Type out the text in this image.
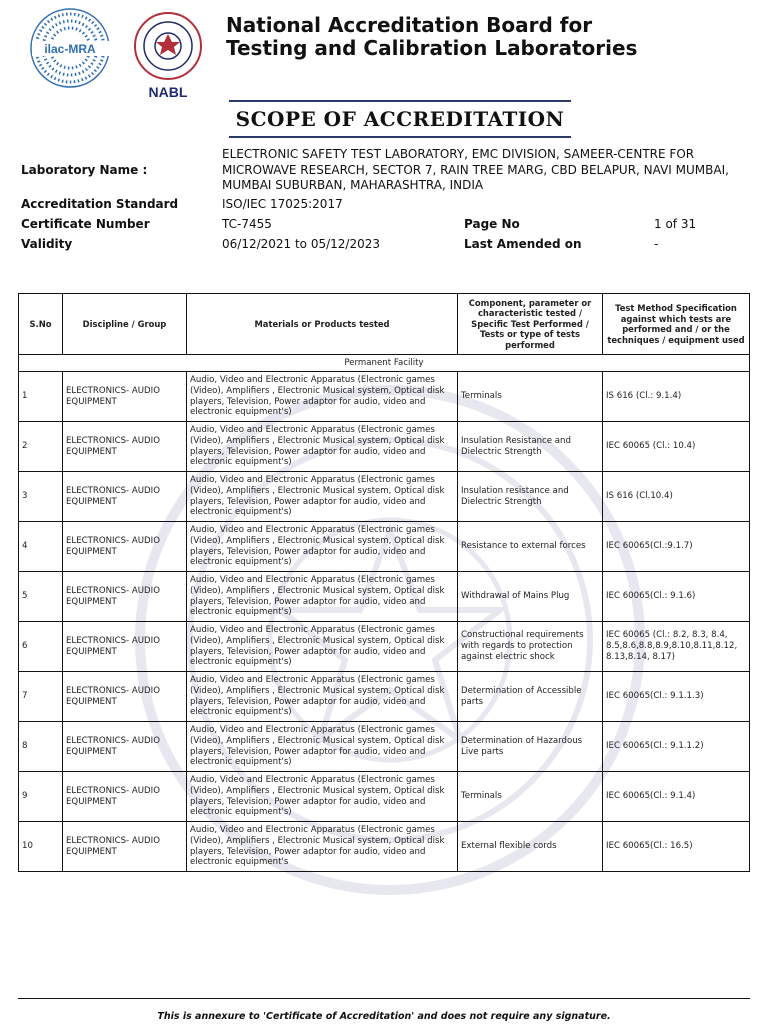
ilac-MRA
NABL
National Accreditation Board for
Testing and Calibration Laboratories
SCOPE OF ACCREDITATION
Laboratory Name :
ELECTRONIC SAFETY TEST LABORATORY, EMC DIVISION, SAMEER-CENTRE FOR
MICROWAVE RESEARCH, SECTOR 7, RAIN TREE MARG, CBD BELAPUR, NAVI MUMBAI,
MUMBAI SUBURBAN, MAHARASHTRA, INDIA
Accreditation Standard	ISO/IEC 17025:2017
Certificate Number	TC-7455	Page No	1 of 31
Validity	06/12/2021 to 05/12/2023	Last Amended on	-
S.No	Discipline / Group	Materials or Products tested	Component, parameter or characteristic tested / Specific Test Performed / Tests or type of tests performed	Test Method Specification against which tests are performed and / or the techniques / equipment used
Permanent Facility				
1	ELECTRONICS- AUDIO EQUIPMENT	Audio, Video and Electronic Apparatus (Electronic games (Video), Amplifiers , Electronic Musical system, Optical disk players, Television, Power adaptor for audio, video and electronic equipment's)	Terminals	IS 616 (Cl.: 9.1.4)
2	ELECTRONICS- AUDIO EQUIPMENT	Audio, Video and Electronic Apparatus (Electronic games (Video), Amplifiers , Electronic Musical system, Optical disk players, Television, Power adaptor for audio, video and electronic equipment's)	Insulation Resistance and Dielectric Strength	IEC 60065 (Cl.: 10.4)
3	ELECTRONICS- AUDIO EQUIPMENT	Audio, Video and Electronic Apparatus (Electronic games (Video), Amplifiers , Electronic Musical system, Optical disk players, Television, Power adaptor for audio, video and electronic equipment's)	Insulation resistance and Dielectric Strength	IS 616 (Cl.10.4)
4	ELECTRONICS- AUDIO EQUIPMENT	Audio, Video and Electronic Apparatus (Electronic games (Video), Amplifiers , Electronic Musical system, Optical disk players, Television, Power adaptor for audio, video and electronic equipment's)	Resistance to external forces	IEC 60065(Cl.:9.1.7)
5	ELECTRONICS- AUDIO EQUIPMENT	Audio, Video and Electronic Apparatus (Electronic games (Video), Amplifiers , Electronic Musical system, Optical disk players, Television, Power adaptor for audio, video and electronic equipment's)	Withdrawal of Mains Plug	IEC 60065(Cl.: 9.1.6)
6	ELECTRONICS- AUDIO EQUIPMENT	Audio, Video and Electronic Apparatus (Electronic games (Video), Amplifiers , Electronic Musical system, Optical disk players, Television, Power adaptor for audio, video and electronic equipment's)	Constructional requirements with regards to protection against electric shock	IEC 60065 (Cl.: 8.2, 8.3, 8.4, 8.5,8.6,8.8,8.9,8.10,8.11,8.12, 8.13,8.14, 8.17)
7	ELECTRONICS- AUDIO EQUIPMENT	Audio, Video and Electronic Apparatus (Electronic games (Video), Amplifiers , Electronic Musical system, Optical disk players, Television, Power adaptor for audio, video and electronic equipment's)	Determination of Accessible parts	IEC 60065(Cl.: 9.1.1.3)
8	ELECTRONICS- AUDIO EQUIPMENT	Audio, Video and Electronic Apparatus (Electronic games (Video), Amplifiers , Electronic Musical system, Optical disk players, Television, Power adaptor for audio, video and electronic equipment's)	Determination of Hazardous Live parts	IEC 60065(Cl.: 9.1.1.2)
9	ELECTRONICS- AUDIO EQUIPMENT	Audio, Video and Electronic Apparatus (Electronic games (Video), Amplifiers , Electronic Musical system, Optical disk players, Television, Power adaptor for audio, video and electronic equipment's)	Terminals	IEC 60065(Cl.: 9.1.4)
10	ELECTRONICS- AUDIO EQUIPMENT	Audio, Video and Electronic Apparatus (Electronic games (Video), Amplifiers , Electronic Musical system, Optical disk players, Television, Power adaptor for audio, video and electronic equipment's	External flexible cords	IEC 60065(Cl.: 16.5)
This is annexure to 'Certificate of Accreditation' and does not require any signature.
